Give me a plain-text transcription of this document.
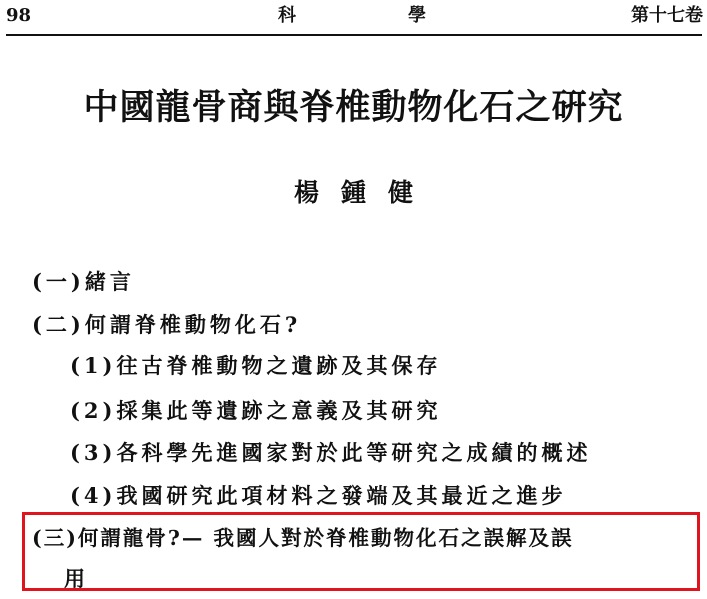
98	科	學	第十七卷
中國龍骨商與脊椎動物化石之硏究
楊鍾健
(一)緒言
(二)何謂脊椎動物化石?
(1)往古脊椎動物之遺跡及其保存
(2)採集此等遺跡之意義及其研究
(3)各科學先進國家對於此等研究之成績的概述
(4)我國研究此項材料之發端及其最近之進步
(三)何謂龍骨?— 我國人對於脊椎動物化石之誤解及誤
用
